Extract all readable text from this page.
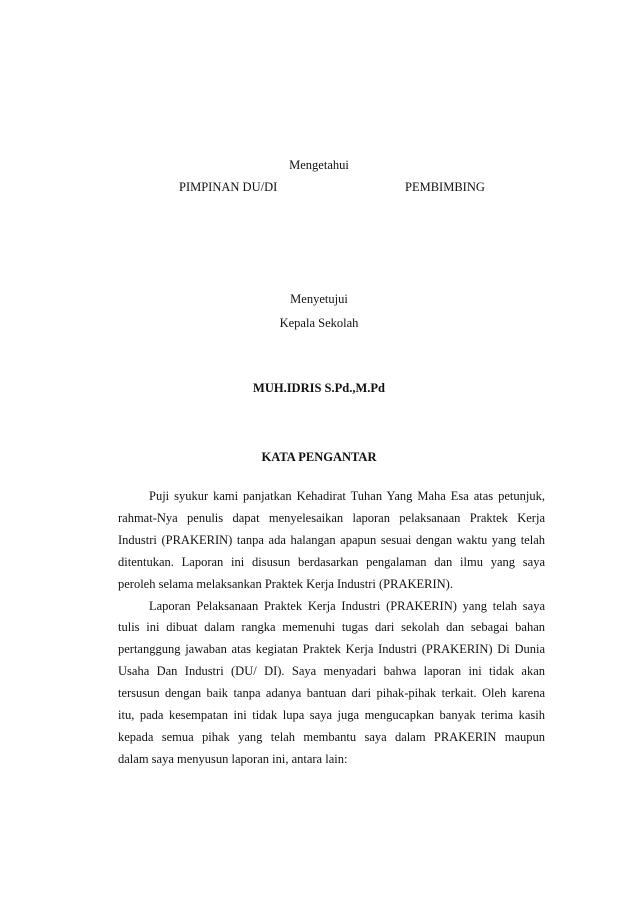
Mengetahui
PIMPINAN DU/DI	PEMBIMBING
Menyetujui
Kepala Sekolah
MUH.IDRIS S.Pd.,M.Pd
KATA PENGANTAR
Puji syukur kami panjatkan Kehadirat Tuhan Yang Maha Esa atas petunjuk,
rahmat-Nya penulis dapat menyelesaikan laporan pelaksanaan Praktek Kerja
Industri (PRAKERIN) tanpa ada halangan apapun sesuai dengan waktu yang telah
ditentukan. Laporan ini disusun berdasarkan pengalaman dan ilmu yang saya
peroleh selama melaksankan Praktek Kerja Industri (PRAKERIN).
Laporan Pelaksanaan Praktek Kerja Industri (PRAKERIN) yang telah saya
tulis ini dibuat dalam rangka memenuhi tugas dari sekolah dan sebagai bahan
pertanggung jawaban atas kegiatan Praktek Kerja Industri (PRAKERIN) Di Dunia
Usaha Dan Industri (DU/ DI). Saya menyadari bahwa laporan ini tidak akan
tersusun dengan baik tanpa adanya bantuan dari pihak-pihak terkait. Oleh karena
itu, pada kesempatan ini tidak lupa saya juga mengucapkan banyak terima kasih
kepada semua pihak yang telah membantu saya dalam PRAKERIN maupun
dalam saya menyusun laporan ini, antara lain:
